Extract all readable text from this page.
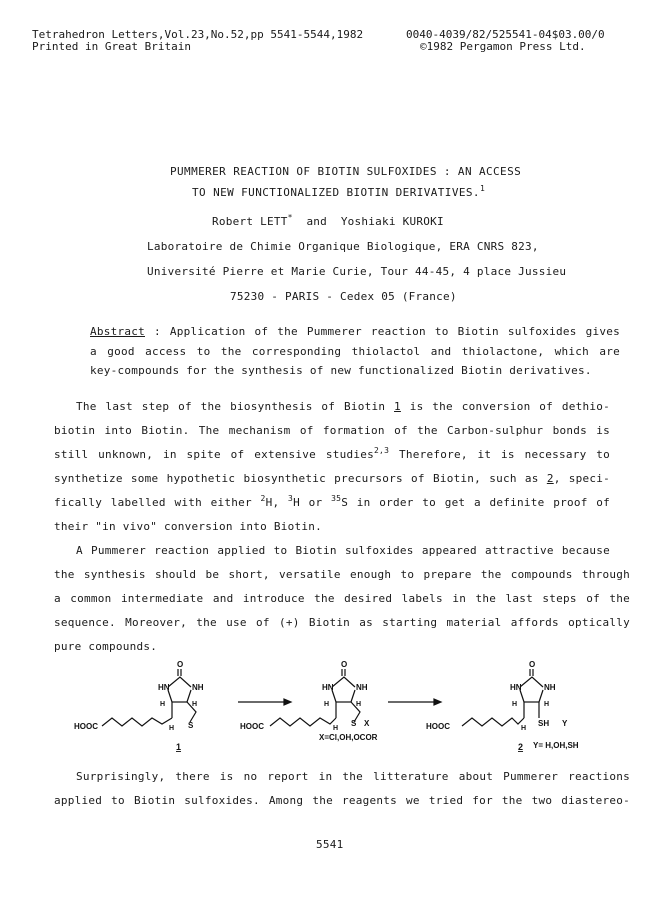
Tetrahedron Letters,Vol.23,No.52,pp 5541-5544,1982
Printed in Great Britain
0040-4039/82/525541-04$03.00/0
©1982 Pergamon Press Ltd.
PUMMERER REACTION OF BIOTIN SULFOXIDES : AN ACCESS
TO NEW FUNCTIONALIZED BIOTIN DERIVATIVES.$^1$
Robert LETT* and Yoshiaki KUROKI
Laboratoire de Chimie Organique Biologique, ERA CNRS 823,
Université Pierre et Marie Curie, Tour 44-45, 4 place Jussieu
75230 - PARIS - Cedex 05 (France)
Abstract : Application of the Pummerer reaction to Biotin sulfoxides gives
a good access to the corresponding thiolactol and thiolactone, which are
key-compounds for the synthesis of new functionalized Biotin derivatives.
The last step of the biosynthesis of Biotin 1 is the conversion of dethio-
biotin into Biotin. The mechanism of formation of the Carbon-sulphur bonds is
still unknown, in spite of extensive studies$^{2,3}$ Therefore, it is necessary to
synthetize some hypothetic biosynthetic precursors of Biotin, such as 2, speci-
fically labelled with either $^2$H, $^3$H or $^{35}$S in order to get a definite proof of
their "in vivo" conversion into Biotin.
A Pummerer reaction applied to Biotin sulfoxides appeared attractive because
the synthesis should be short, versatile enough to prepare the compounds through
a common intermediate and introduce the desired labels in the last steps of the
sequence. Moreover, the use of (+) Biotin as starting material affords optically
pure compounds.
O
HN	NH
H	H
S
H
HOOC
1
O
HN	NH
H	H
S X
H
HOOC
X=Cl,OH,OCOR
O
HN	NH
H	H
SH Y
H
HOOC
2 Y= H,OH,SH
Surprisingly, there is no report in the litterature about Pummerer reactions
applied to Biotin sulfoxides. Among the reagents we tried for the two diastereo-
5541
